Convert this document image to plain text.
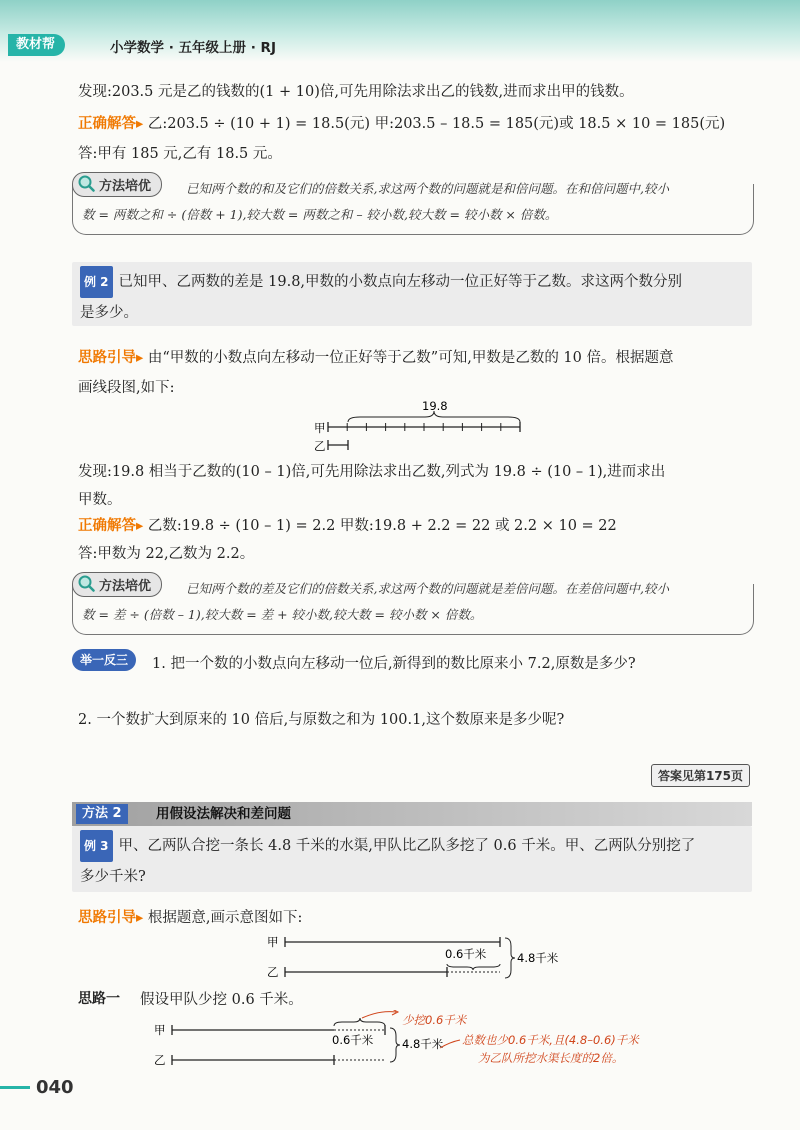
教材帮	小学数学 · 五年级上册 · RJ
发现:203.5 元是乙的钱数的(1 + 10)倍,可先用除法求出乙的钱数,进而求出甲的钱数。
正确解答▸ 乙:203.5 ÷ (10 + 1) = 18.5(元) 甲:203.5 – 18.5 = 185(元)或 18.5 × 10 = 185(元)
答:甲有 185 元,乙有 18.5 元。
方法培优	已知两个数的和及它们的倍数关系,求这两个数的问题就是和倍问题。在和倍问题中,较小
数 = 两数之和 ÷ (倍数 + 1),较大数 = 两数之和 – 较小数,较大数 = 较小数 × 倍数。
例 2 已知甲、乙两数的差是 19.8,甲数的小数点向左移动一位正好等于乙数。求这两个数分别
是多少。
思路引导▸ 由“甲数的小数点向左移动一位正好等于乙数”可知,甲数是乙数的 10 倍。根据题意
画线段图,如下:
甲
乙
19.8
发现:19.8 相当于乙数的(10 – 1)倍,可先用除法求出乙数,列式为 19.8 ÷ (10 – 1),进而求出
甲数。
正确解答▸ 乙数:19.8 ÷ (10 – 1) = 2.2 甲数:19.8 + 2.2 = 22 或 2.2 × 10 = 22
答:甲数为 22,乙数为 2.2。
方法培优	已知两个数的差及它们的倍数关系,求这两个数的问题就是差倍问题。在差倍问题中,较小
数 = 差 ÷ (倍数 – 1),较大数 = 差 + 较小数,较大数 = 较小数 × 倍数。
举一反三	1. 把一个数的小数点向左移动一位后,新得到的数比原来小 7.2,原数是多少?
2. 一个数扩大到原来的 10 倍后,与原数之和为 100.1,这个数原来是多少呢?
答案见第175页
方法 2	用假设法解决和差问题
例 3 甲、乙两队合挖一条长 4.8 千米的水渠,甲队比乙队多挖了 0.6 千米。甲、乙两队分别挖了
多少千米?
思路引导▸ 根据题意,画示意图如下:
甲
乙
0.6千米	4.8千米
思路一 假设甲队少挖 0.6 千米。
甲
乙
0.6千米 4.8千米
少挖0.6千米
总数也少0.6千米,且(4.8–0.6)千米
为乙队所挖水渠长度的2倍。
040
